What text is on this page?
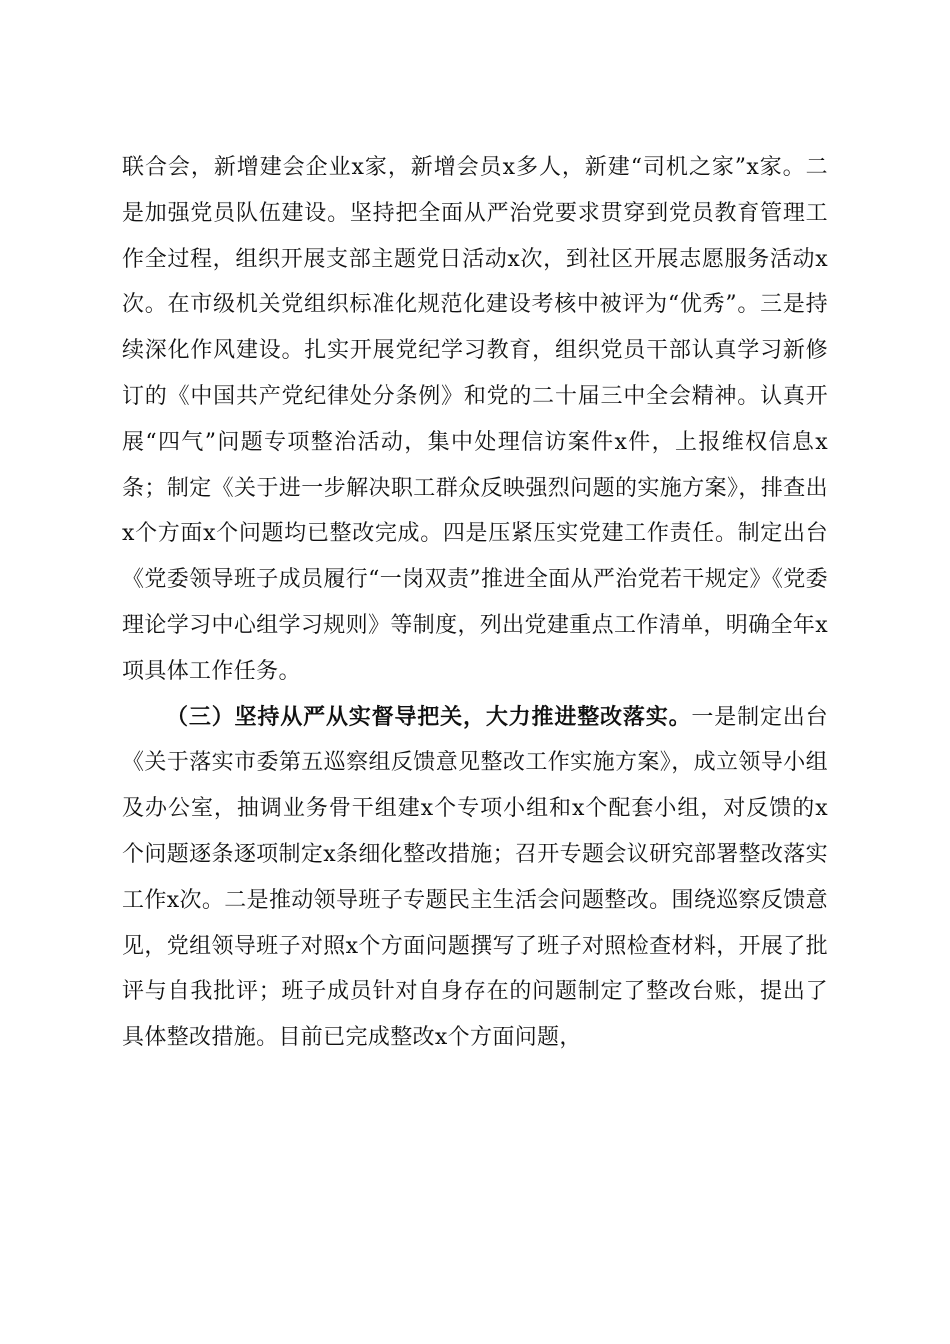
联合会，新增建会企业x家，新增会员x多人，新建“司机之家”x家。二是加强党员队伍建设。坚持把全面从严治党要求贯穿到党员教育管理工作全过程，组织开展支部主题党日活动x次，到社区开展志愿服务活动x次。在市级机关党组织标准化规范化建设考核中被评为“优秀”。三是持续深化作风建设。扎实开展党纪学习教育，组织党员干部认真学习新修订的《中国共产党纪律处分条例》和党的二十届三中全会精神。认真开展“四气”问题专项整治活动，集中处理信访案件x件，上报维权信息x条；制定《关于进一步解决职工群众反映强烈问题的实施方案》，排查出x个方面x个问题均已整改完成。四是压紧压实党建工作责任。制定出台《党委领导班子成员履行“一岗双责”推进全面从严治党若干规定》《党委理论学习中心组学习规则》等制度，列出党建重点工作清单，明确全年x项具体工作任务。

（三）坚持从严从实督导把关，大力推进整改落实。一是制定出台《关于落实市委第五巡察组反馈意见整改工作实施方案》，成立领导小组及办公室，抽调业务骨干组建x个专项小组和x个配套小组，对反馈的x个问题逐条逐项制定x条细化整改措施；召开专题会议研究部署整改落实工作x次。二是推动领导班子专题民主生活会问题整改。围绕巡察反馈意见，党组领导班子对照x个方面问题撰写了班子对照检查材料，开展了批评与自我批评；班子成员针对自身存在的问题制定了整改台账，提出了具体整改措施。目前已完成整改x个方面问题，
